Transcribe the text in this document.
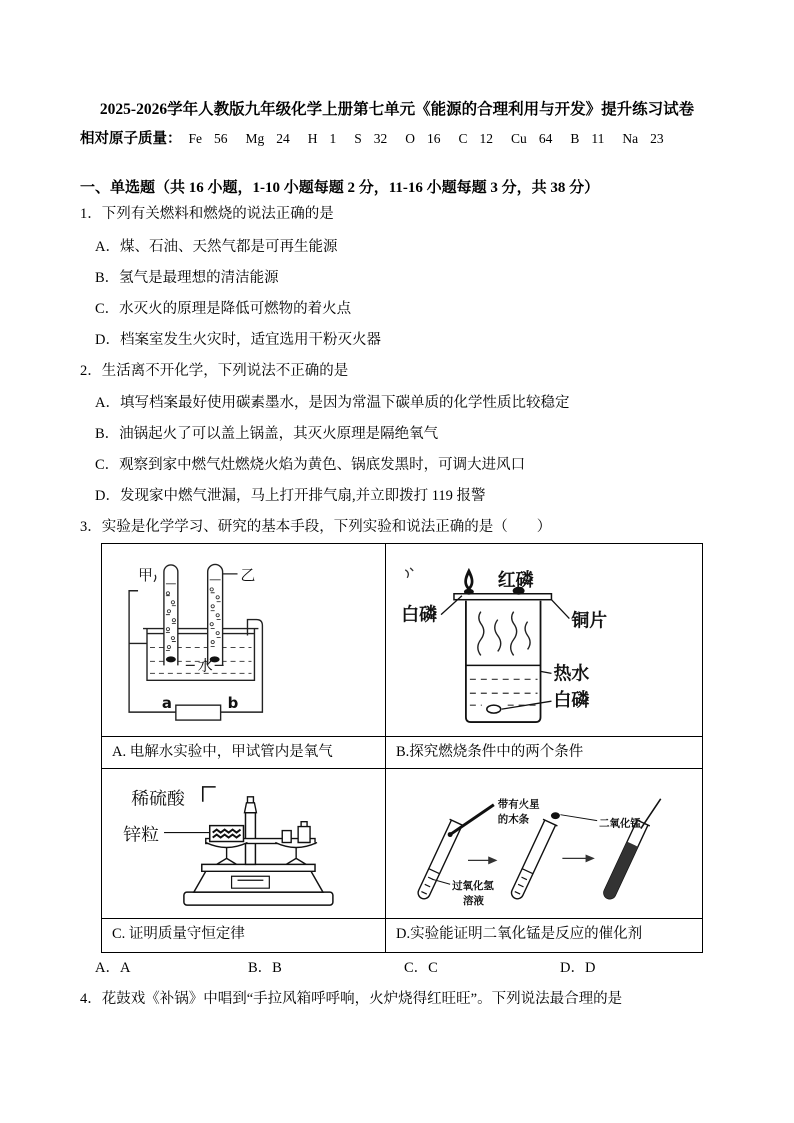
2025-2026学年人教版九年级化学上册第七单元《能源的合理利用与开发》提升练习试卷
相对原子质量： Fe 56 Mg 24 H 1 S 32 O 16 C 12 Cu 64 B 11 Na 23
一、单选题（共 16 小题，1-10 小题每题 2 分，11-16 小题每题 3 分，共 38 分）
1．下列有关燃料和燃烧的说法正确的是
A．煤、石油、天然气都是可再生能源
B．氢气是最理想的清洁能源
C．水灭火的原理是降低可燃物的着火点
D．档案室发生火灾时，适宜选用干粉灭火器
2．生活离不开化学，下列说法不正确的是
A．填写档案最好使用碳素墨水，是因为常温下碳单质的化学性质比较稳定
B．油锅起火了可以盖上锅盖，其灭火原理是隔绝氧气
C．观察到家中燃气灶燃烧火焰为黄色、锅底发黑时，可调大进风口
D．发现家中燃气泄漏，马上打开排气扇,并立即拨打 119 报警
3．实验是化学学习、研究的基本手段，下列实验和说法正确的是（　　）
甲	乙
水
a	b
红磷
白磷	铜片
热水
白磷
A. 电解水实验中，甲试管内是氧气	B.探究燃烧条件中的两个条件
稀硫酸
锌粒
带有火星
的木条	二氧化锰
过氧化氢
溶液
C. 证明质量守恒定律	D.实验能证明二氧化锰是反应的催化剂
A．A	B．B	C．C	D．D
4．花鼓戏《补锅》中唱到“手拉风箱呼呼响，火炉烧得红旺旺”。下列说法最合理的是
